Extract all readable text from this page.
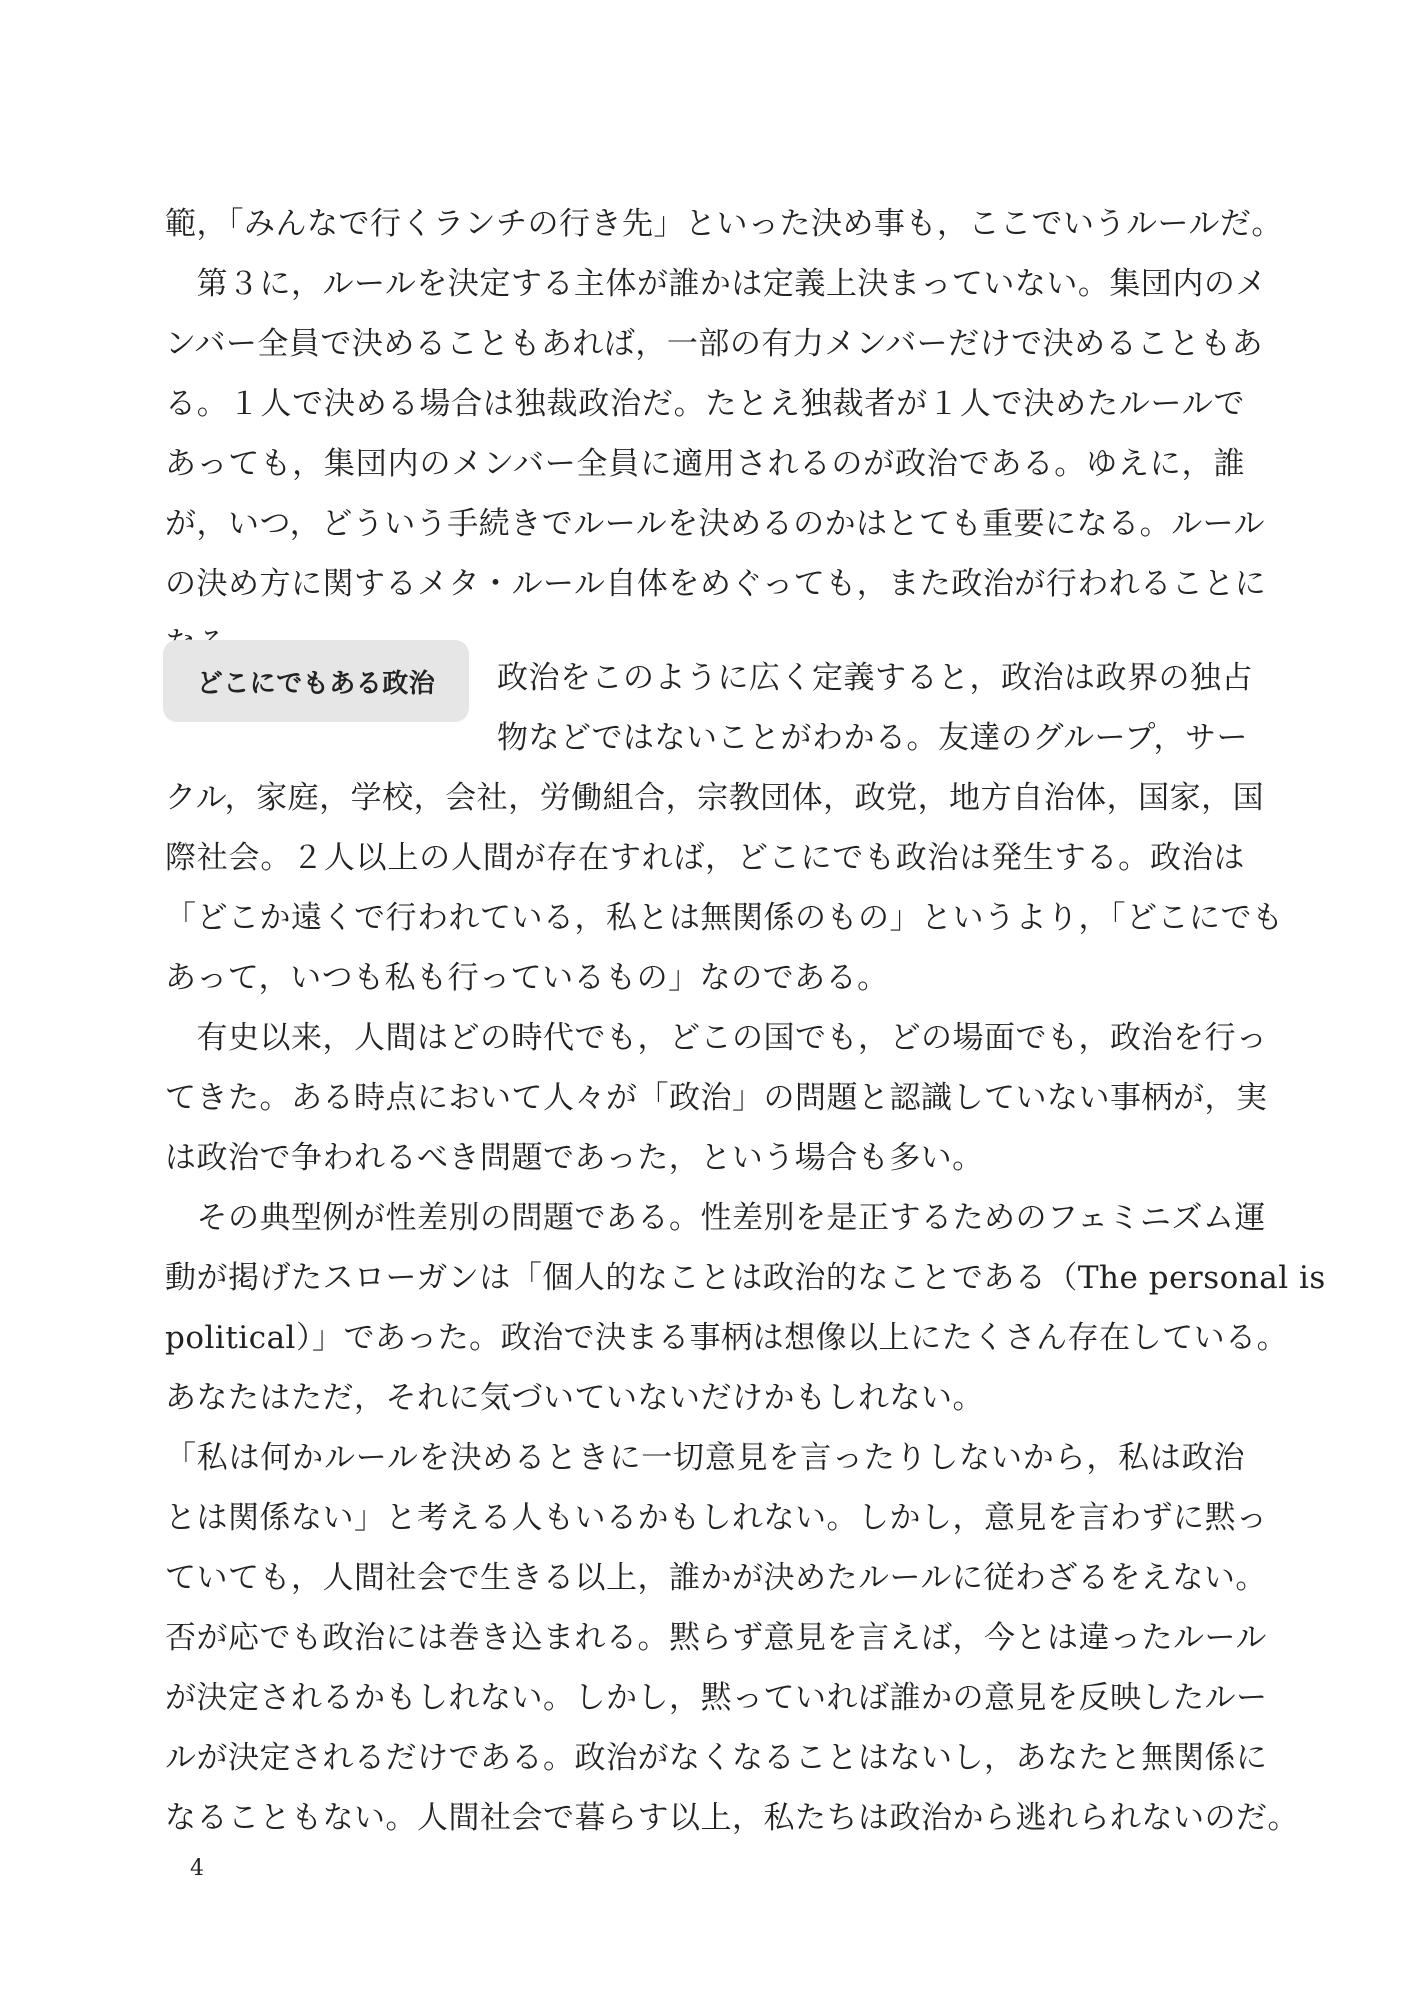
範，「みんなで行くランチの行き先」といった決め事も，ここでいうルールだ。
　第３に，ルールを決定する主体が誰かは定義上決まっていない。集団内のメ
ンバー全員で決めることもあれば，一部の有力メンバーだけで決めることもあ
る。１人で決める場合は独裁政治だ。たとえ独裁者が１人で決めたルールで
あっても，集団内のメンバー全員に適用されるのが政治である。ゆえに，誰
が，いつ，どういう手続きでルールを決めるのかはとても重要になる。ルール
の決め方に関するメタ・ルール自体をめぐっても，また政治が行われることに
どこにでもある政治 政治をこのように広く定義すると，政治は政界の独占
物などではないことがわかる。友達のグループ，サー
クル，家庭，学校，会社，労働組合，宗教団体，政党，地方自治体，国家，国
際社会。２人以上の人間が存在すれば，どこにでも政治は発生する。政治は
「どこか遠くで行われている，私とは無関係のもの」というより，「どこにでも
あって，いつも私も行っているもの」なのである。
　有史以来，人間はどの時代でも，どこの国でも，どの場面でも，政治を行っ
てきた。ある時点において人々が「政治」の問題と認識していない事柄が，実
は政治で争われるべき問題であった，という場合も多い。
　その典型例が性差別の問題である。性差別を是正するためのフェミニズム運
動が掲げたスローガンは「個人的なことは政治的なことである（The personal is
political）」であった。政治で決まる事柄は想像以上にたくさん存在している。
あなたはただ，それに気づいていないだけかもしれない。
「私は何かルールを決めるときに一切意見を言ったりしないから，私は政治
とは関係ない」と考える人もいるかもしれない。しかし，意見を言わずに黙っ
ていても，人間社会で生きる以上，誰かが決めたルールに従わざるをえない。
否が応でも政治には巻き込まれる。黙らず意見を言えば，今とは違ったルール
が決定されるかもしれない。しかし，黙っていれば誰かの意見を反映したルー
ルが決定されるだけである。政治がなくなることはないし，あなたと無関係に
なることもない。人間社会で暮らす以上，私たちは政治から逃れられないのだ。
4
